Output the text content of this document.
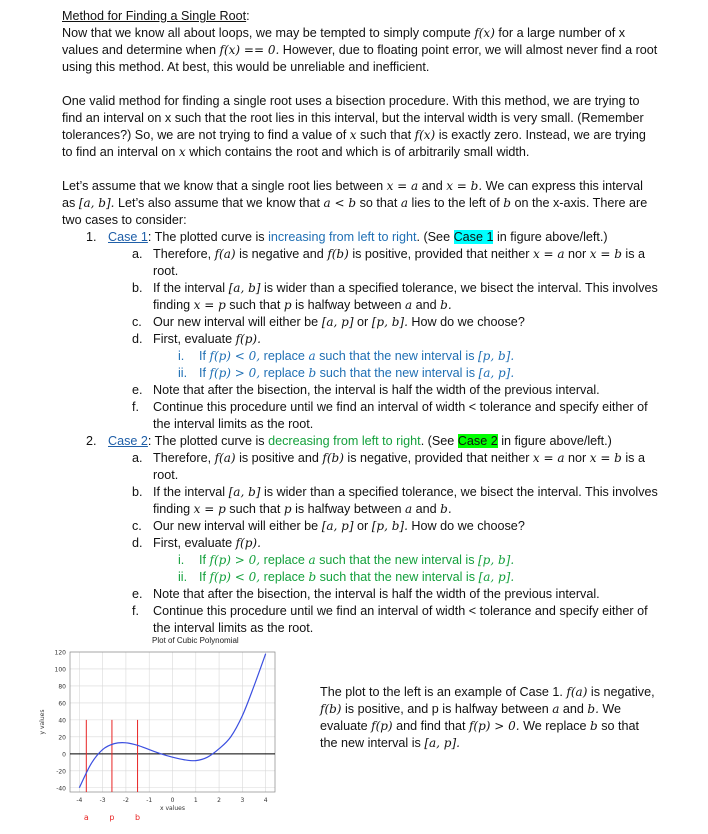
Method for Finding a Single Root:

Now that we know all about loops, we may be tempted to simply compute f(x) for a large number of x values and determine when f(x) == 0. However, due to floating point error, we will almost never find a root using this method. At best, this would be unreliable and inefficient.

One valid method for finding a single root uses a bisection procedure. With this method, we are trying to find an interval on x such that the root lies in this interval, but the interval width is very small. (Remember tolerances?) So, we are not trying to find a value of x such that f(x) is exactly zero. Instead, we are trying to find an interval on x which contains the root and which is of arbitrarily small width.

Let’s assume that we know that a single root lies between x = a and x = b. We can express this interval as [a, b]. Let’s also assume that we know that a < b so that a lies to the left of b on the x-axis. There are two cases to consider:

1. Case 1: The plotted curve is increasing from left to right. (See Case 1 in figure above/left.)
a. Therefore, f(a) is negative and f(b) is positive, provided that neither x = a nor x = b is a root.
b. If the interval [a, b] is wider than a specified tolerance, we bisect the interval. This involves finding x = p such that p is halfway between a and b.
c. Our new interval will either be [a, p] or [p, b]. How do we choose?
d. First, evaluate f(p).
i. If f(p) < 0, replace a such that the new interval is [p, b].
ii. If f(p) > 0, replace b such that the new interval is [a, p].
e. Note that after the bisection, the interval is half the width of the previous interval.
f. Continue this procedure until we find an interval of width < tolerance and specify either of the interval limits as the root.
2. Case 2: The plotted curve is decreasing from left to right. (See Case 2 in figure above/left.)
a. Therefore, f(a) is positive and f(b) is negative, provided that neither x = a nor x = b is a root.
b. If the interval [a, b] is wider than a specified tolerance, we bisect the interval. This involves finding x = p such that p is halfway between a and b.
c. Our new interval will either be [a, p] or [p, b]. How do we choose?
d. First, evaluate f(p).
i. If f(p) > 0, replace a such that the new interval is [p, b].
ii. If f(p) < 0, replace b such that the new interval is [a, p].
e. Note that after the bisection, the interval is half the width of the previous interval.
f. Continue this procedure until we find an interval of width < tolerance and specify either of the interval limits as the root.
Plot of Cubic Polynomial
120
100
80
60
40
20
0
-20
-40
-4	-3	-2	-1	0	1	2	3	4
x values
y values
a	p	b

The plot to the left is an example of Case 1. f(a) is negative, f(b) is positive, and p is halfway between a and b. We evaluate f(p) and find that f(p) > 0. We replace b so that the new interval is [a, p].
